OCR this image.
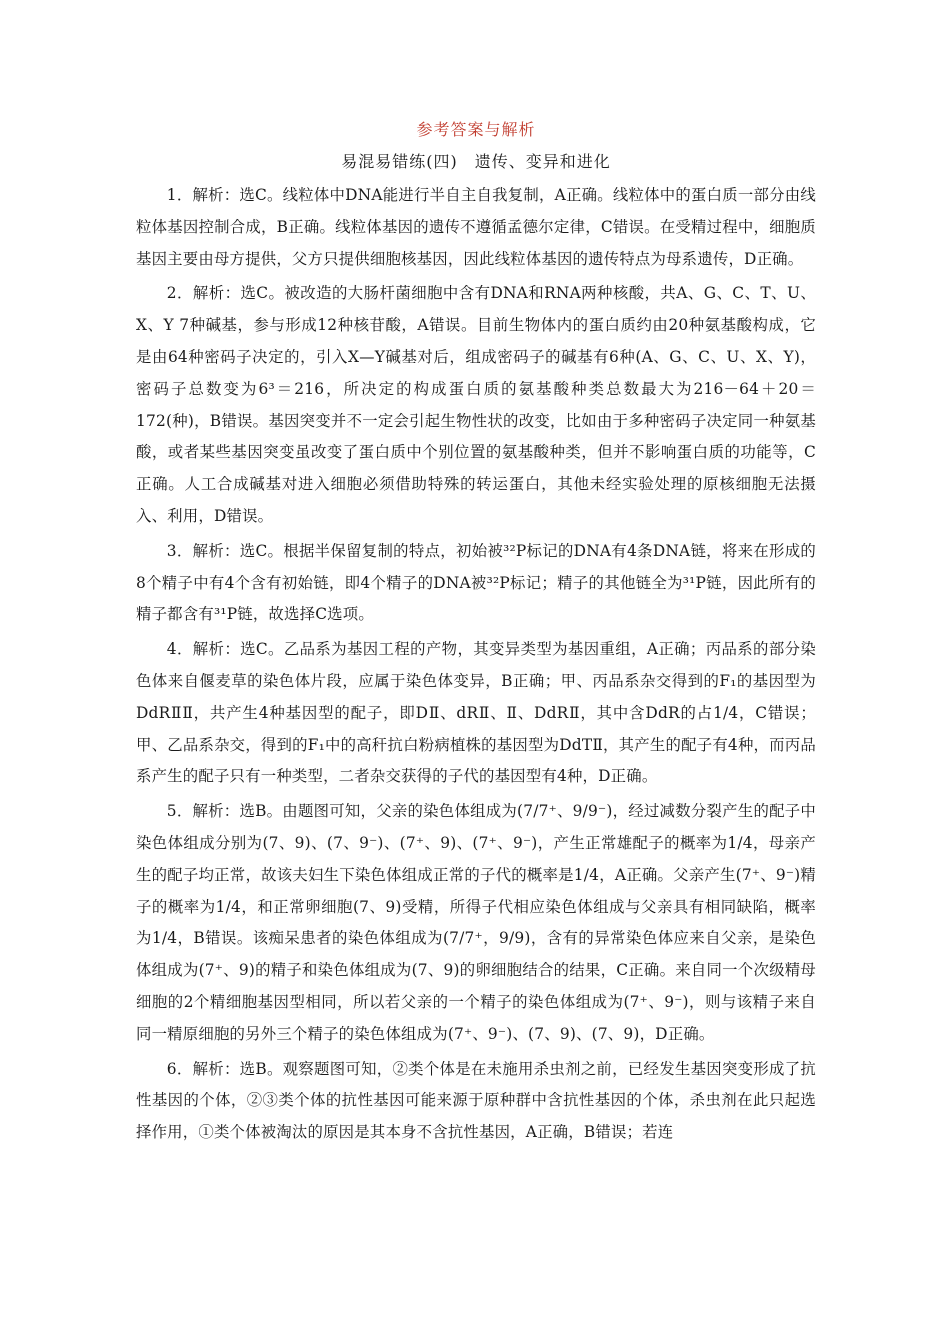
参考答案与解析
易混易错练(四)　遗传、变异和进化

1．解析：选C。线粒体中DNA能进行半自主自我复制，A正确。线粒体中的蛋白质一部分由线粒体基因控制合成，B正确。线粒体基因的遗传不遵循孟德尔定律，C错误。在受精过程中，细胞质基因主要由母方提供，父方只提供细胞核基因，因此线粒体基因的遗传特点为母系遗传，D正确。

2．解析：选C。被改造的大肠杆菌细胞中含有DNA和RNA两种核酸，共A、G、C、T、U、X、Y 7种碱基，参与形成12种核苷酸，A错误。目前生物体内的蛋白质约由20种氨基酸构成，它是由64种密码子决定的，引入X—Y碱基对后，组成密码子的碱基有6种(A、G、C、U、X、Y)，密码子总数变为6³＝216，所决定的构成蛋白质的氨基酸种类总数最大为216－64＋20＝172(种)，B错误。基因突变并不一定会引起生物性状的改变，比如由于多种密码子决定同一种氨基酸，或者某些基因突变虽改变了蛋白质中个别位置的氨基酸种类，但并不影响蛋白质的功能等，C正确。人工合成碱基对进入细胞必须借助特殊的转运蛋白，其他未经实验处理的原核细胞无法摄入、利用，D错误。

3．解析：选C。根据半保留复制的特点，初始被³²P标记的DNA有4条DNA链，将来在形成的8个精子中有4个含有初始链，即4个精子的DNA被³²P标记；精子的其他链全为³¹P链，因此所有的精子都含有³¹P链，故选择C选项。

4．解析：选C。乙品系为基因工程的产物，其变异类型为基因重组，A正确；丙品系的部分染色体来自偃麦草的染色体片段，应属于染色体变异，B正确；甲、丙品系杂交得到的F₁的基因型为DdRⅡⅡ，共产生4种基因型的配子，即DⅡ、dRⅡ、Ⅱ、DdRⅡ，其中含DdR的占1/4，C错误；甲、乙品系杂交，得到的F₁中的高秆抗白粉病植株的基因型为DdTⅡ，其产生的配子有4种，而丙品系产生的配子只有一种类型，二者杂交获得的子代的基因型有4种，D正确。

5．解析：选B。由题图可知，父亲的染色体组成为(7/7⁺、9/9⁻)，经过减数分裂产生的配子中染色体组成分别为(7、9)、(7、9⁻)、(7⁺、9)、(7⁺、9⁻)，产生正常雄配子的概率为1/4，母亲产生的配子均正常，故该夫妇生下染色体组成正常的子代的概率是1/4，A正确。父亲产生(7⁺、9⁻)精子的概率为1/4，和正常卵细胞(7、9)受精，所得子代相应染色体组成与父亲具有相同缺陷，概率为1/4，B错误。该痴呆患者的染色体组成为(7/7⁺，9/9)，含有的异常染色体应来自父亲，是染色体组成为(7⁺、9)的精子和染色体组成为(7、9)的卵细胞结合的结果，C正确。来自同一个次级精母细胞的2个精细胞基因型相同，所以若父亲的一个精子的染色体组成为(7⁺、9⁻)，则与该精子来自同一精原细胞的另外三个精子的染色体组成为(7⁺、9⁻)、(7、9)、(7、9)，D正确。

6．解析：选B。观察题图可知，②类个体是在未施用杀虫剂之前，已经发生基因突变形成了抗性基因的个体，②③类个体的抗性基因可能来源于原种群中含抗性基因的个体，杀虫剂在此只起选择作用，①类个体被淘汰的原因是其本身不含抗性基因，A正确，B错误；若连
